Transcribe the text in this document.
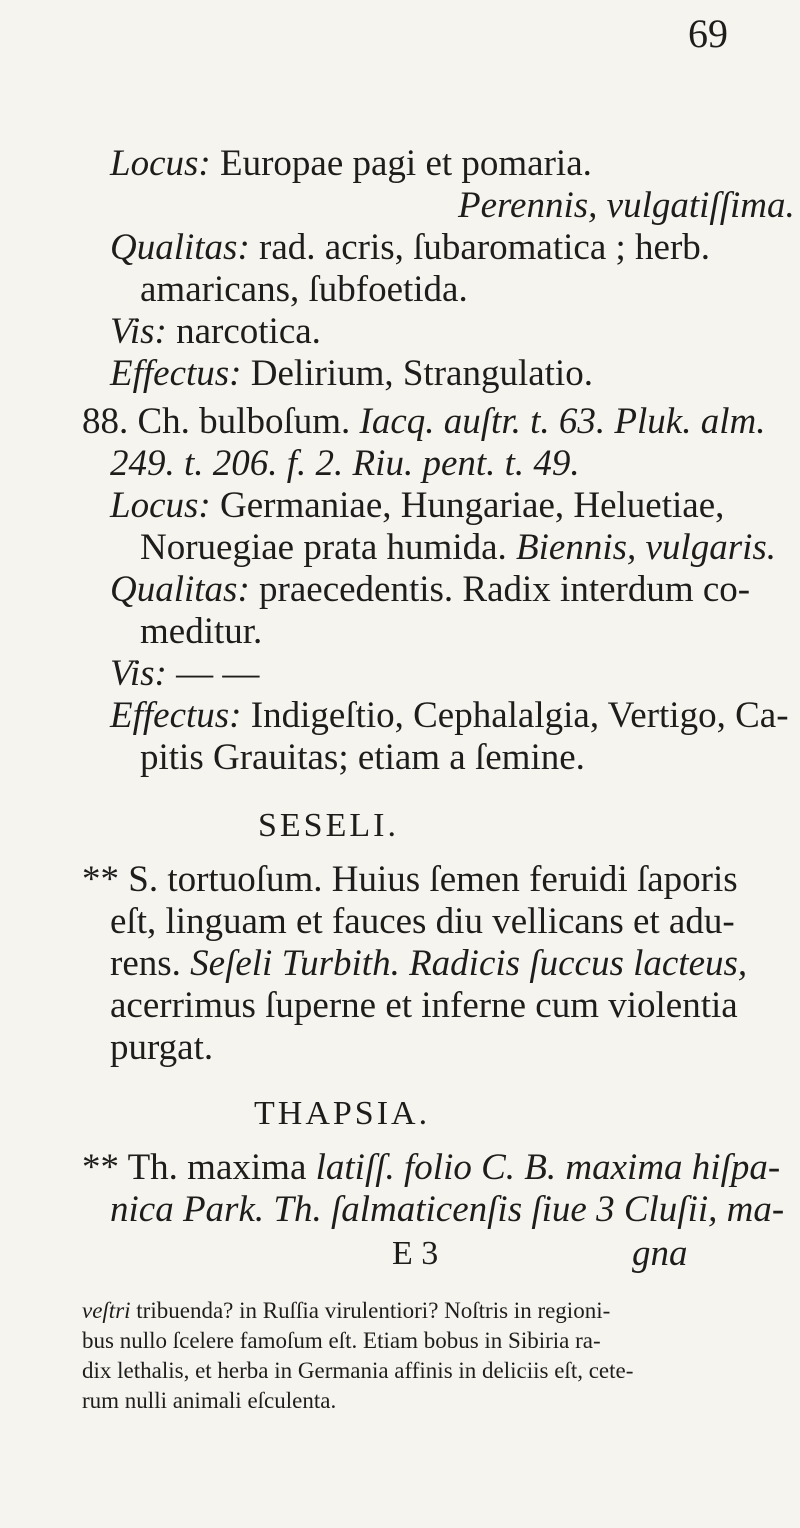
69
Locus: Europae pagi et pomaria.
Perennis, vulgatiſſima.
Qualitas: rad. acris, ſubaromatica ; herb.
amaricans, ſubfoetida.
Vis: narcotica.
Effectus: Delirium, Strangulatio.
88. Ch. bulboſum. Iacq. auſtr. t. 63. Pluk. alm.
249. t. 206. f. 2. Riu. pent. t. 49.
Locus: Germaniae, Hungariae, Heluetiae,
Noruegiae prata humida. Biennis, vulgaris.
Qualitas: praecedentis. Radix interdum co-
meditur.
Vis: — —
Effectus: Indigeſtio, Cephalalgia, Vertigo, Ca-
pitis Grauitas; etiam a ſemine.
SESELI.
** S. tortuoſum. Huius ſemen feruidi ſaporis
eſt, linguam et fauces diu vellicans et adu-
rens. Seſeli Turbith. Radicis ſuccus lacteus,
acerrimus ſuperne et inferne cum violentia
purgat.
THAPSIA.
** Th. maxima latiſſ. folio C. B. maxima hiſpa-
nica Park. Th. ſalmaticenſis ſiue 3 Cluſii, ma-
E 3	gna
veſtri tribuenda? in Ruſſia virulentiori? Noſtris in regioni-
bus nullo ſcelere famoſum eſt. Etiam bobus in Sibiria ra-
dix lethalis, et herba in Germania affinis in deliciis eſt, cete-
rum nulli animali eſculenta.
